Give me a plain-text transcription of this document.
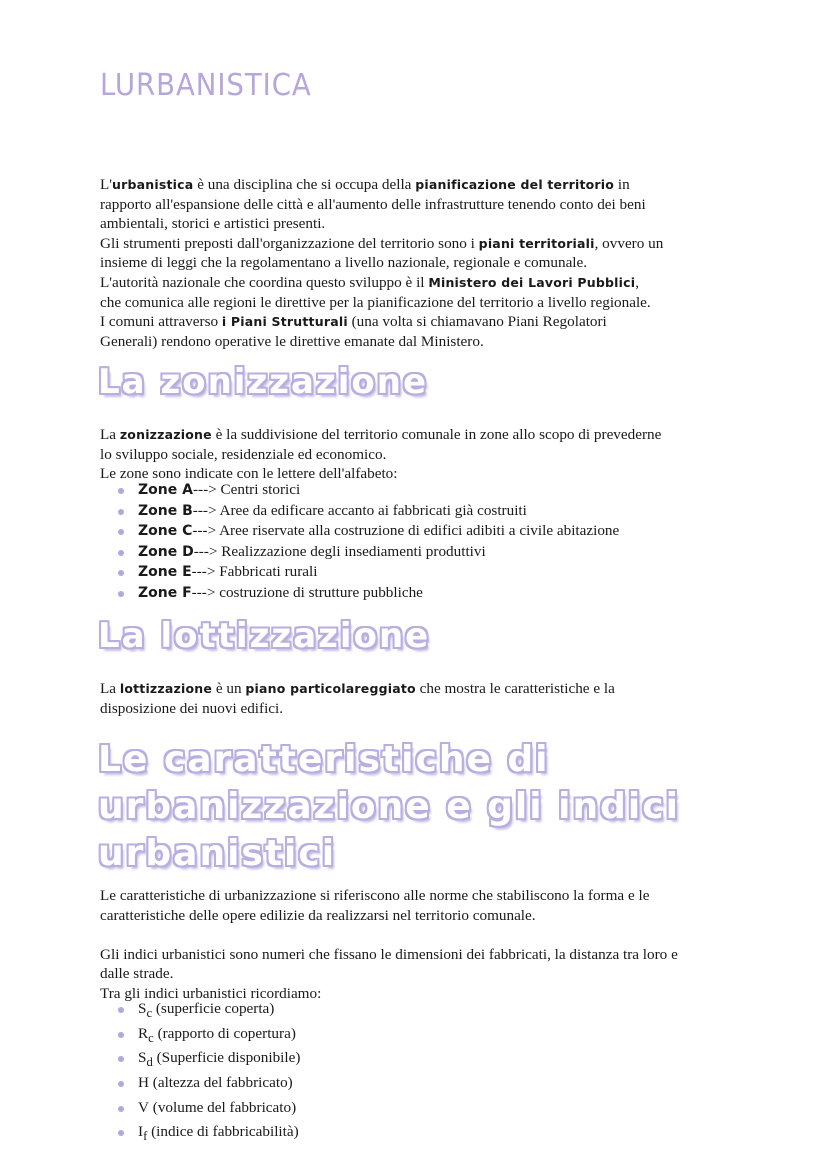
LURBANISTICA
L'urbanistica è una disciplina che si occupa della pianificazione del territorio in
rapporto all'espansione delle città e all'aumento delle infrastrutture tenendo conto dei beni
ambientali, storici e artistici presenti.
Gli strumenti preposti dall'organizzazione del territorio sono i piani territoriali, ovvero un
insieme di leggi che la regolamentano a livello nazionale, regionale e comunale.
L'autorità nazionale che coordina questo sviluppo è il Ministero dei Lavori Pubblici,
che comunica alle regioni le direttive per la pianificazione del territorio a livello regionale.
I comuni attraverso i Piani Strutturali (una volta si chiamavano Piani Regolatori
Generali) rendono operative le direttive emanate dal Ministero.
La zonizzazione
La zonizzazione è la suddivisione del territorio comunale in zone allo scopo di prevederne
lo sviluppo sociale, residenziale ed economico.
Le zone sono indicate con le lettere dell'alfabeto:
Zone A---> Centri storici
Zone B---> Aree da edificare accanto ai fabbricati già costruiti
Zone C---> Aree riservate alla costruzione di edifici adibiti a civile abitazione
Zone D---> Realizzazione degli insediamenti produttivi
Zone E---> Fabbricati rurali
Zone F---> costruzione di strutture pubbliche
La lottizzazione
La lottizzazione è un piano particolareggiato che mostra le caratteristiche e la
disposizione dei nuovi edifici.
Le caratteristiche di
urbanizzazione e gli indici
urbanistici
Le caratteristiche di urbanizzazione si riferiscono alle norme che stabiliscono la forma e le
caratteristiche delle opere edilizie da realizzarsi nel territorio comunale.
Gli indici urbanistici sono numeri che fissano le dimensioni dei fabbricati, la distanza tra loro e
dalle strade.
Tra gli indici urbanistici ricordiamo:
$S_c$ (superficie coperta)
$R_c$ (rapporto di copertura)
$S_d$ (Superficie disponibile)
H (altezza del fabbricato)
V (volume del fabbricato)
$I_f$ (indice di fabbricabilità)
